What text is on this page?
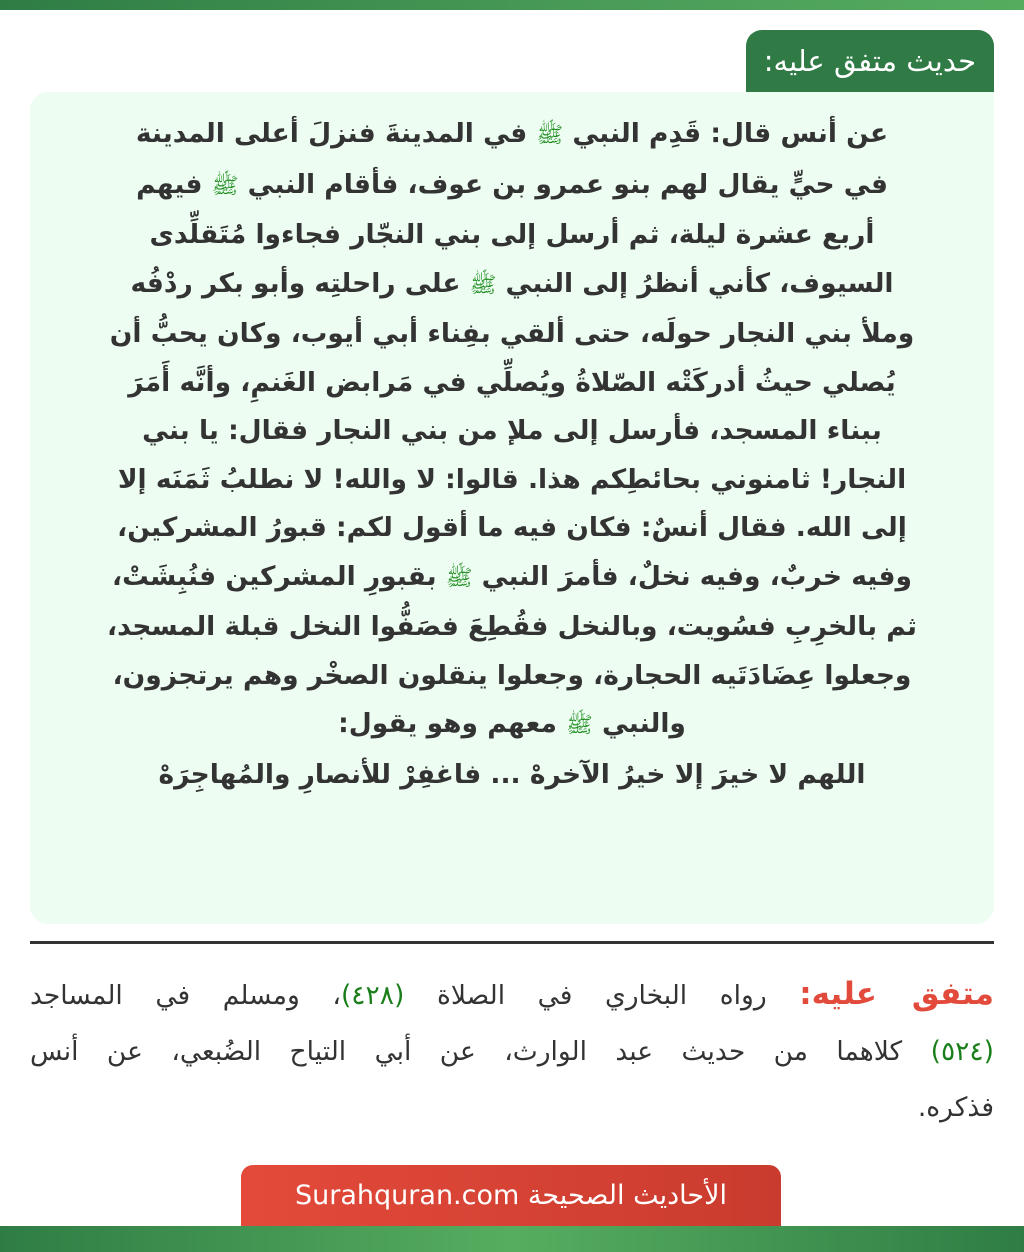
حديث متفق عليه:
عن أنس قال: قَدِم النبي ﷺ في المدينةَ فنزلَ أعلى المدينة
في حيٍّ يقال لهم بنو عمرو بن عوف، فأقام النبي ﷺ فيهم
أربع عشرة ليلة، ثم أرسل إلى بني النجّار فجاءوا مُتَقلِّدى
السيوف، كأني أنظرُ إلى النبي ﷺ على راحلتِه وأبو بكر ردْفُه
وملأ بني النجار حولَه، حتى ألقي بفِناء أبي أيوب، وكان يحبُّ أن
يُصلي حيثُ أدركَتْه الصّلاةُ ويُصلِّي في مَرابض الغَنمِ، وأنَّه أَمَرَ
ببناء المسجد، فأرسل إلى ملإ من بني النجار فقال: يا بني
النجار! ثامنوني بحائطِكم هذا. قالوا: لا والله! لا نطلبُ ثَمَنَه إلا
إلى الله. فقال أنسٌ: فكان فيه ما أقول لكم: قبورُ المشركين،
وفيه خربٌ، وفيه نخلٌ، فأمرَ النبي ﷺ بقبورِ المشركين فنُبِشَتْ،
ثم بالخرِبِ فسُويت، وبالنخل فقُطِعَ فصَفُّوا النخل قبلة المسجد،
وجعلوا عِضَادَتَيه الحجارة، وجعلوا ينقلون الصخْر وهم يرتجزون،
والنبي ﷺ معهم وهو يقول:
اللهم لا خيرَ إلا خيرُ الآخرهْ ... فاغفِرْ للأنصارِ والمُهاجِرَهْ
متفق عليه: رواه البخاري في الصلاة (٤٢٨)، ومسلم في المساجد
(٥٢٤) كلاهما من حديث عبد الوارث، عن أبي التياح الضُبعي، عن أنس
فذكره.
الأحاديث الصحيحة Surahquran.com
